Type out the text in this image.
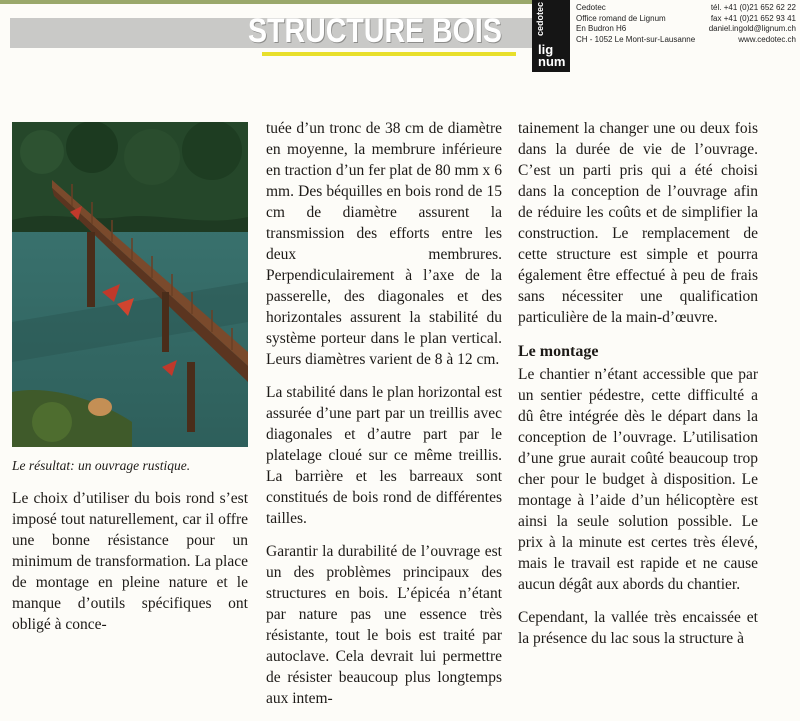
STRUCTURE BOIS	cedotec
lig num
Cedotec
Office romand de Lignum
En Budron H6
CH - 1052 Le Mont-sur-Lausanne
tél. +41 (0)21 652 62 22
fax +41 (0)21 652 93 41
daniel.ingold@lignum.ch
www.cedotec.ch
Le résultat: un ouvrage rustique.

Le choix d’utiliser du bois rond s’est imposé tout naturellement, car il offre une bonne résistance pour un minimum de transformation. La place de montage en pleine nature et le manque d’outils spécifiques ont obligé à conce-

tuée d’un tronc de 38 cm de diamètre en moyenne, la membrure inférieure en traction d’un fer plat de 80 mm x 6 mm. Des béquilles en bois rond de 15 cm de diamètre assurent la transmission des efforts entre les deux membrures. Perpendiculairement à l’axe de la passerelle, des diagonales et des horizontales assurent la stabilité du système porteur dans le plan vertical. Leurs diamètres varient de 8 à 12 cm.

La stabilité dans le plan horizontal est assurée d’une part par un treillis avec diagonales et d’autre part par le platelage cloué sur ce même treillis. La barrière et les barreaux sont constitués de bois rond de différentes tailles.

Garantir la durabilité de l’ouvrage est un des problèmes principaux des structures en bois. L’épicéa n’étant par nature pas une essence très résistante, tout le bois est traité par autoclave. Cela devrait lui permettre de résister beaucoup plus longtemps aux intem-

tainement la changer une ou deux fois dans la durée de vie de l’ouvrage. C’est un parti pris qui a été choisi dans la conception de l’ouvrage afin de réduire les coûts et de simplifier la construction. Le remplacement de cette structure est simple et pourra également être effectué à peu de frais sans nécessiter une qualification particulière de la main-d’œuvre.

Le montage

Le chantier n’étant accessible que par un sentier pédestre, cette difficulté a dû être intégrée dès le départ dans la conception de l’ouvrage. L’utilisation d’une grue aurait coûté beaucoup trop cher pour le budget à disposition. Le montage à l’aide d’un hélicoptère est ainsi la seule solution possible. Le prix à la minute est certes très élevé, mais le travail est rapide et ne cause aucun dégât aux abords du chantier.

Cependant, la vallée très encaissée et la présence du lac sous la structure à
